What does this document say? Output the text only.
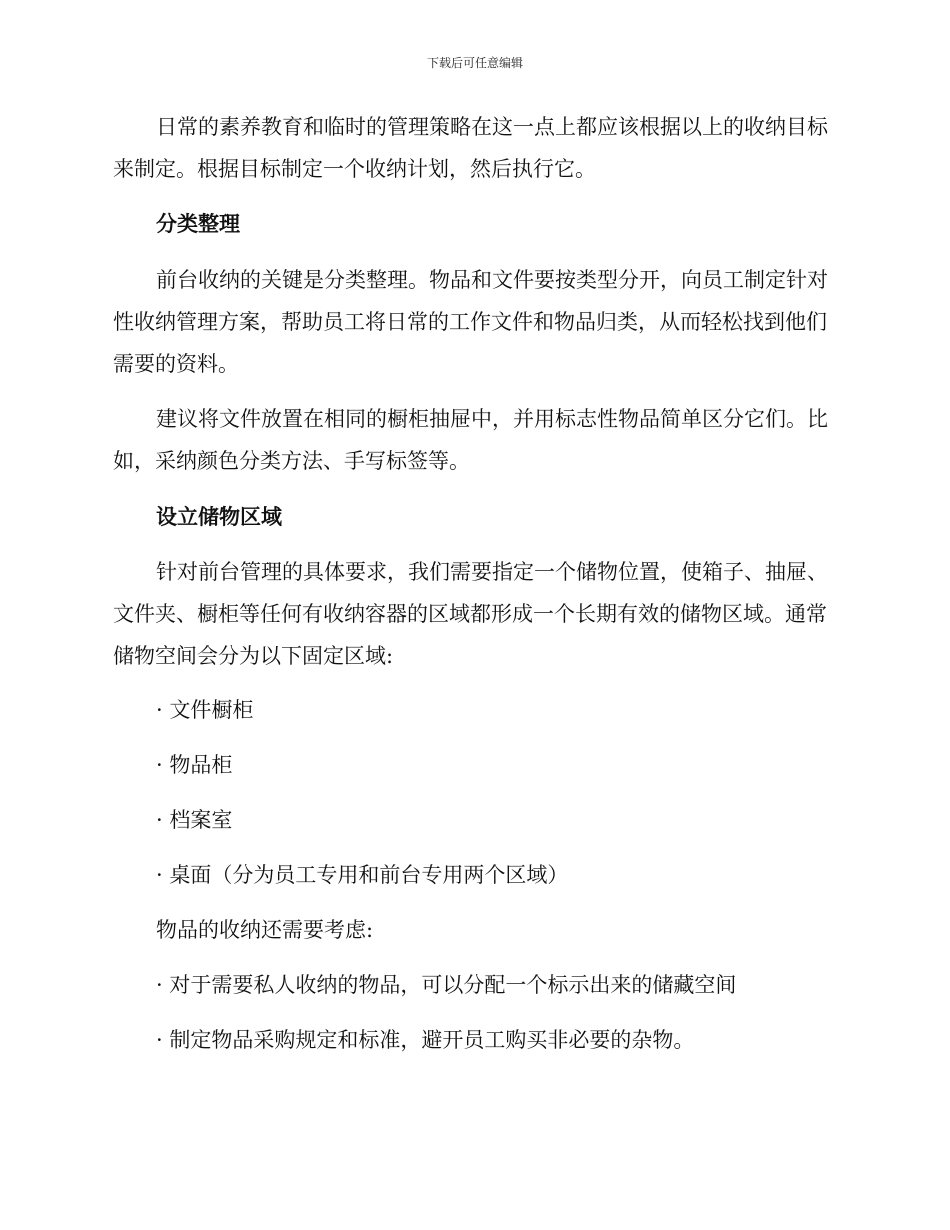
下载后可任意编辑

日常的素养教育和临时的管理策略在这一点上都应该根据以上的收纳目标来制定。根据目标制定一个收纳计划，然后执行它。

分类整理

前台收纳的关键是分类整理。物品和文件要按类型分开，向员工制定针对性收纳管理方案，帮助员工将日常的工作文件和物品归类，从而轻松找到他们需要的资料。

建议将文件放置在相同的橱柜抽屉中，并用标志性物品简单区分它们。比如，采纳颜色分类方法、手写标签等。

设立储物区域

针对前台管理的具体要求，我们需要指定一个储物位置，使箱子、抽屉、文件夹、橱柜等任何有收纳容器的区域都形成一个长期有效的储物区域。通常储物空间会分为以下固定区域:

· 文件橱柜

· 物品柜

· 档案室

· 桌面（分为员工专用和前台专用两个区域）

物品的收纳还需要考虑:

· 对于需要私人收纳的物品，可以分配一个标示出来的储藏空间

· 制定物品采购规定和标准，避开员工购买非必要的杂物。
